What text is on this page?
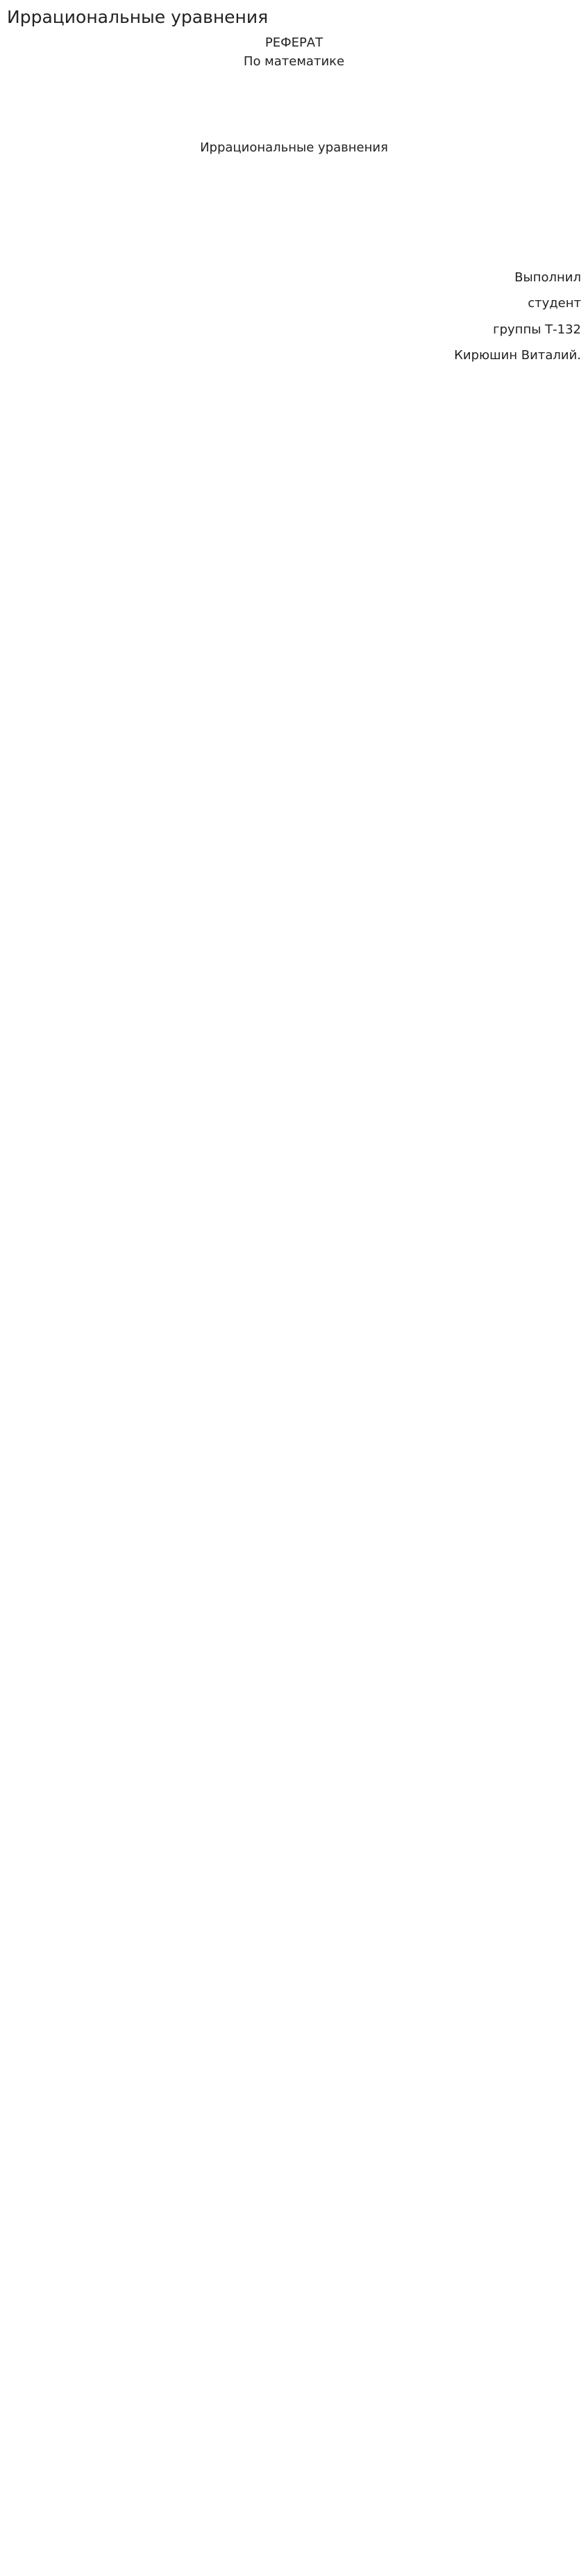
Иррациональные уравнения

РЕФЕРАТ

По математике

Иррациональные уравнения

Выполнил

студент

группы Т-132

Кирюшин Виталий.
